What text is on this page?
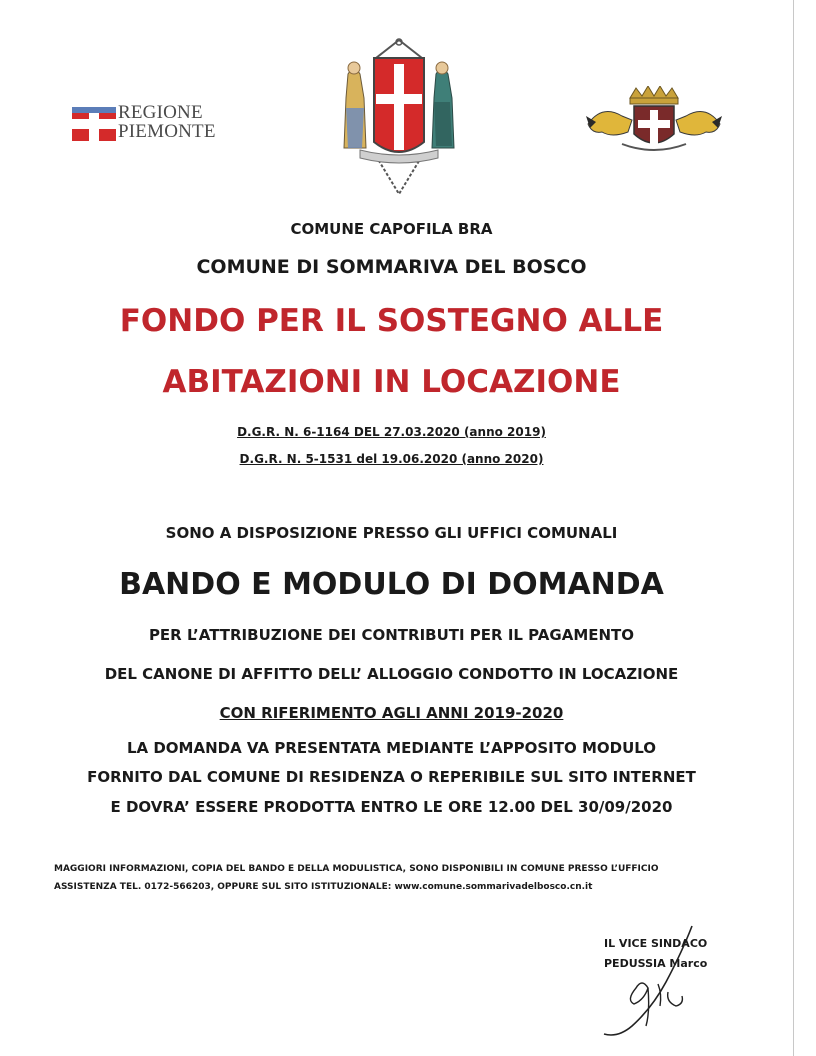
REGIONE
PIEMONTE
COMUNE CAPOFILA BRA
COMUNE DI SOMMARIVA DEL BOSCO
FONDO PER IL SOSTEGNO ALLE
ABITAZIONI IN LOCAZIONE
D.G.R. N. 6-1164 DEL 27.03.2020 (anno 2019)
D.G.R. N. 5-1531 del 19.06.2020 (anno 2020)
SONO A DISPOSIZIONE PRESSO GLI UFFICI COMUNALI
BANDO E MODULO DI DOMANDA
PER L’ATTRIBUZIONE DEI CONTRIBUTI PER IL PAGAMENTO
DEL CANONE DI AFFITTO DELL’ ALLOGGIO CONDOTTO IN LOCAZIONE
CON RIFERIMENTO AGLI ANNI 2019-2020
LA DOMANDA VA PRESENTATA MEDIANTE L’APPOSITO MODULO
FORNITO DAL COMUNE DI RESIDENZA O REPERIBILE SUL SITO INTERNET
E DOVRA’ ESSERE PRODOTTA ENTRO LE ORE 12.00 DEL 30/09/2020
MAGGIORI INFORMAZIONI, COPIA DEL BANDO E DELLA MODULISTICA, SONO DISPONIBILI IN COMUNE PRESSO L’UFFICIO
ASSISTENZA TEL. 0172-566203, OPPURE SUL SITO ISTITUZIONALE: www.comune.sommarivadelbosco.cn.it
IL VICE SINDACO
PEDUSSIA Marco
